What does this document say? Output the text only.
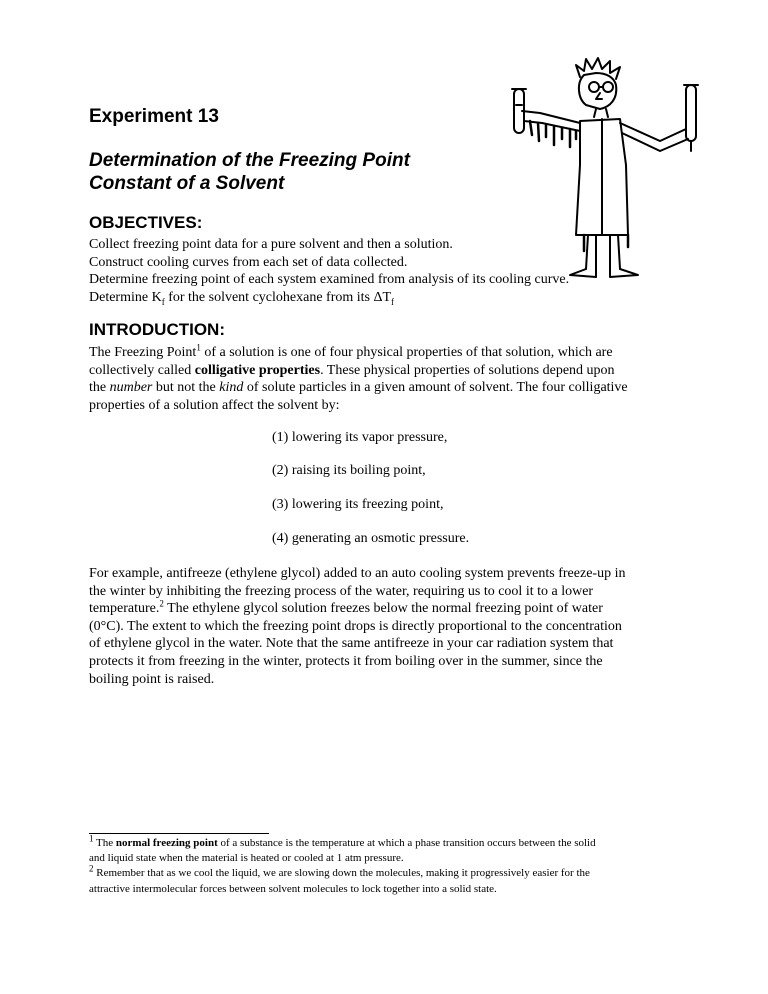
Experiment 13
Determination of the Freezing Point
Constant of a Solvent
OBJECTIVES:
Collect freezing point data for a pure solvent and then a solution.
Construct cooling curves from each set of data collected.
Determine freezing point of each system examined from analysis of its cooling curve.
Determine $K_f$ for the solvent cyclohexane from its $\Delta T_f$
INTRODUCTION:
The Freezing Point$^1$ of a solution is one of four physical properties of that solution, which are
collectively called colligative properties. These physical properties of solutions depend upon
the number but not the kind of solute particles in a given amount of solvent. The four colligative
properties of a solution affect the solvent by:
(1) lowering its vapor pressure,
(2) raising its boiling point,
(3) lowering its freezing point,
(4) generating an osmotic pressure.
For example, antifreeze (ethylene glycol) added to an auto cooling system prevents freeze-up in
the winter by inhibiting the freezing process of the water, requiring us to cool it to a lower
temperature.$^2$ The ethylene glycol solution freezes below the normal freezing point of water
(0°C). The extent to which the freezing point drops is directly proportional to the concentration
of ethylene glycol in the water. Note that the same antifreeze in your car radiation system that
protects it from freezing in the winter, protects it from boiling over in the summer, since the
boiling point is raised.
$^1$ The normal freezing point of a substance is the temperature at which a phase transition occurs between the solid
and liquid state when the material is heated or cooled at 1 atm pressure.
$^2$ Remember that as we cool the liquid, we are slowing down the molecules, making it progressively easier for the
attractive intermolecular forces between solvent molecules to lock together into a solid state.
